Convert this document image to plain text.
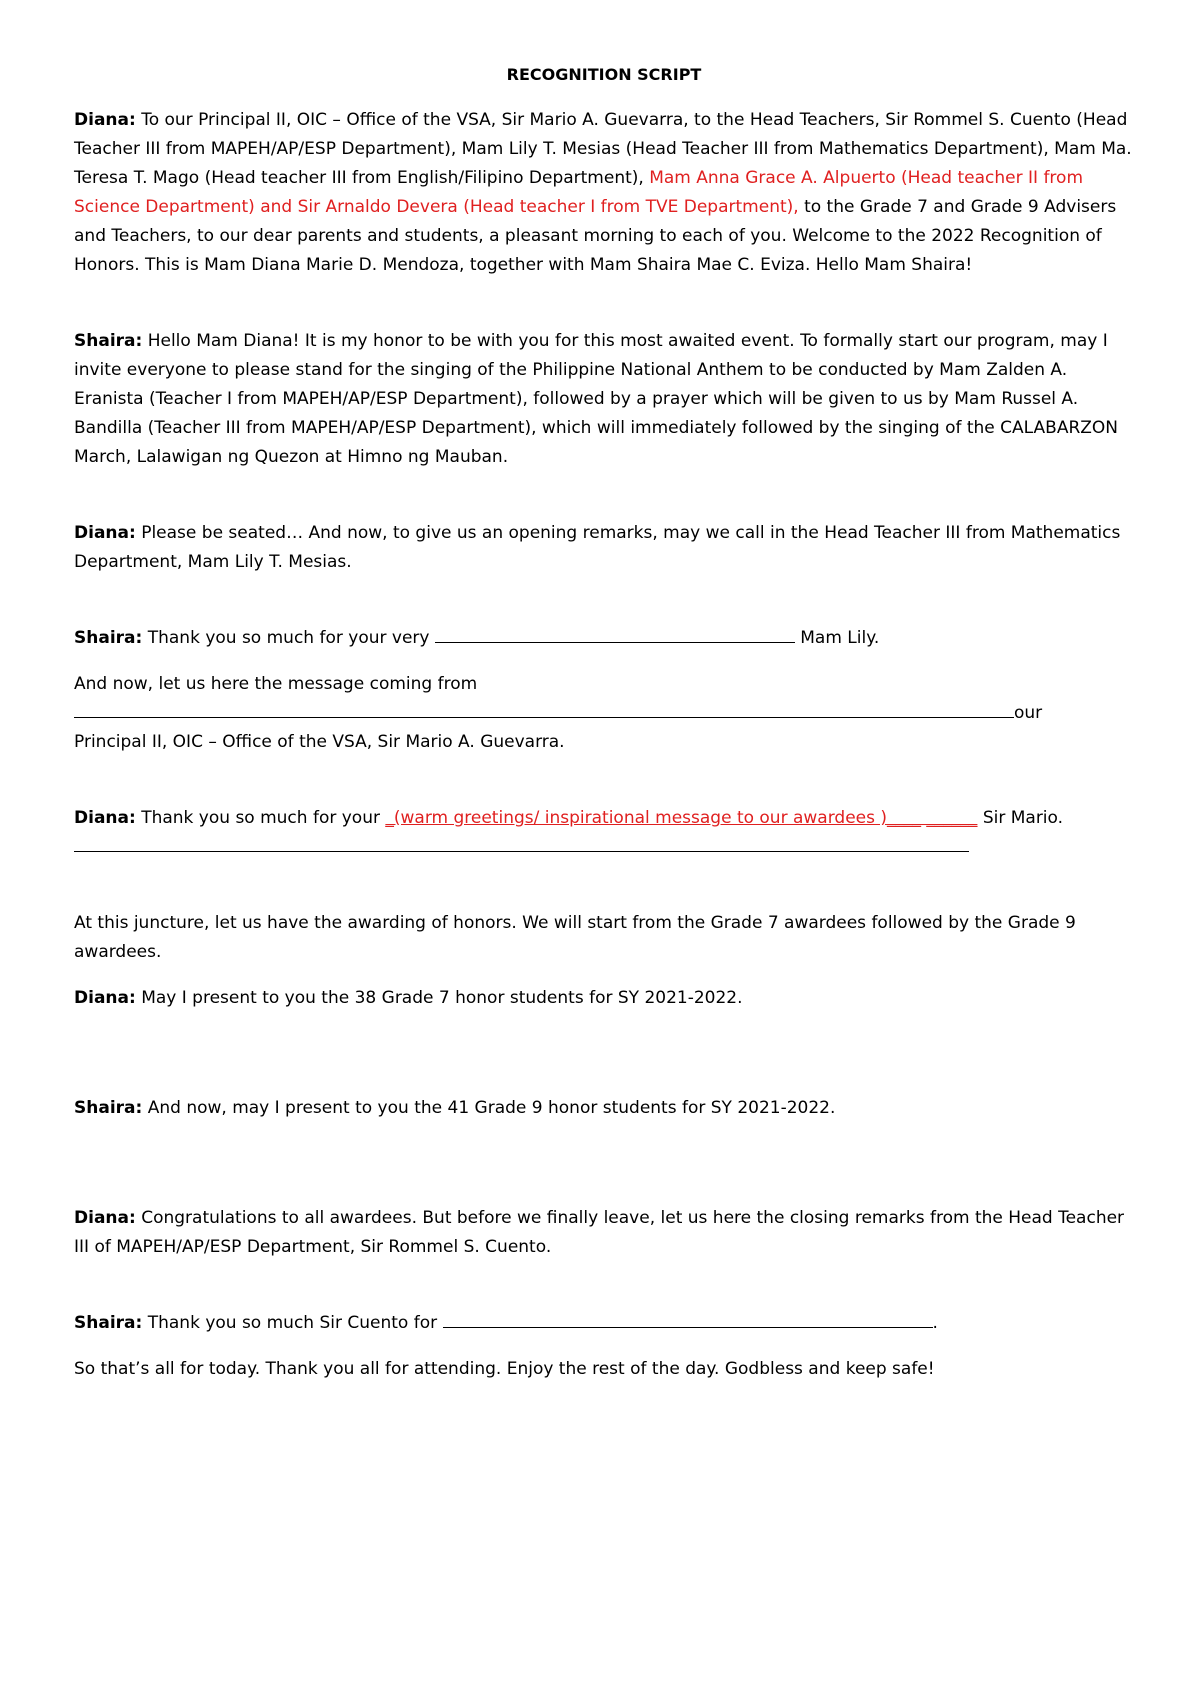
RECOGNITION SCRIPT

Diana: To our Principal II, OIC – Office of the VSA, Sir Mario A. Guevarra, to the Head Teachers, Sir Rommel S. Cuento (Head Teacher III from MAPEH/AP/ESP Department), Mam Lily T. Mesias (Head Teacher III from Mathematics Department), Mam Ma. Teresa T. Mago (Head teacher III from English/Filipino Department), Mam Anna Grace A. Alpuerto (Head teacher II from Science Department) and Sir Arnaldo Devera (Head teacher I from TVE Department), to the Grade 7 and Grade 9 Advisers and Teachers, to our dear parents and students, a pleasant morning to each of you. Welcome to the 2022 Recognition of Honors. This is Mam Diana Marie D. Mendoza, together with Mam Shaira Mae C. Eviza. Hello Mam Shaira!

Shaira: Hello Mam Diana! It is my honor to be with you for this most awaited event. To formally start our program, may I invite everyone to please stand for the singing of the Philippine National Anthem to be conducted by Mam Zalden A. Eranista (Teacher I from MAPEH/AP/ESP Department), followed by a prayer which will be given to us by Mam Russel A. Bandilla (Teacher III from MAPEH/AP/ESP Department), which will immediately followed by the singing of the CALABARZON March, Lalawigan ng Quezon at Himno ng Mauban.

Diana: Please be seated… And now, to give us an opening remarks, may we call in the Head Teacher III from Mathematics Department, Mam Lily T. Mesias.

Shaira: Thank you so much for your very	Mam Lily.

And now, let us here the message coming from

our

Principal II, OIC – Office of the VSA, Sir Mario A. Guevarra.

Diana: Thank you so much for your _(warm greetings/ inspirational message to our awardees )____ ______ Sir Mario.

At this juncture, let us have the awarding of honors. We will start from the Grade 7 awardees followed by the Grade 9 awardees.

Diana: May I present to you the 38 Grade 7 honor students for SY 2021-2022.

Shaira: And now, may I present to you the 41 Grade 9 honor students for SY 2021-2022.

Diana: Congratulations to all awardees. But before we finally leave, let us here the closing remarks from the Head Teacher III of MAPEH/AP/ESP Department, Sir Rommel S. Cuento.

Shaira: Thank you so much Sir Cuento for	.

So that’s all for today. Thank you all for attending. Enjoy the rest of the day. Godbless and keep safe!
